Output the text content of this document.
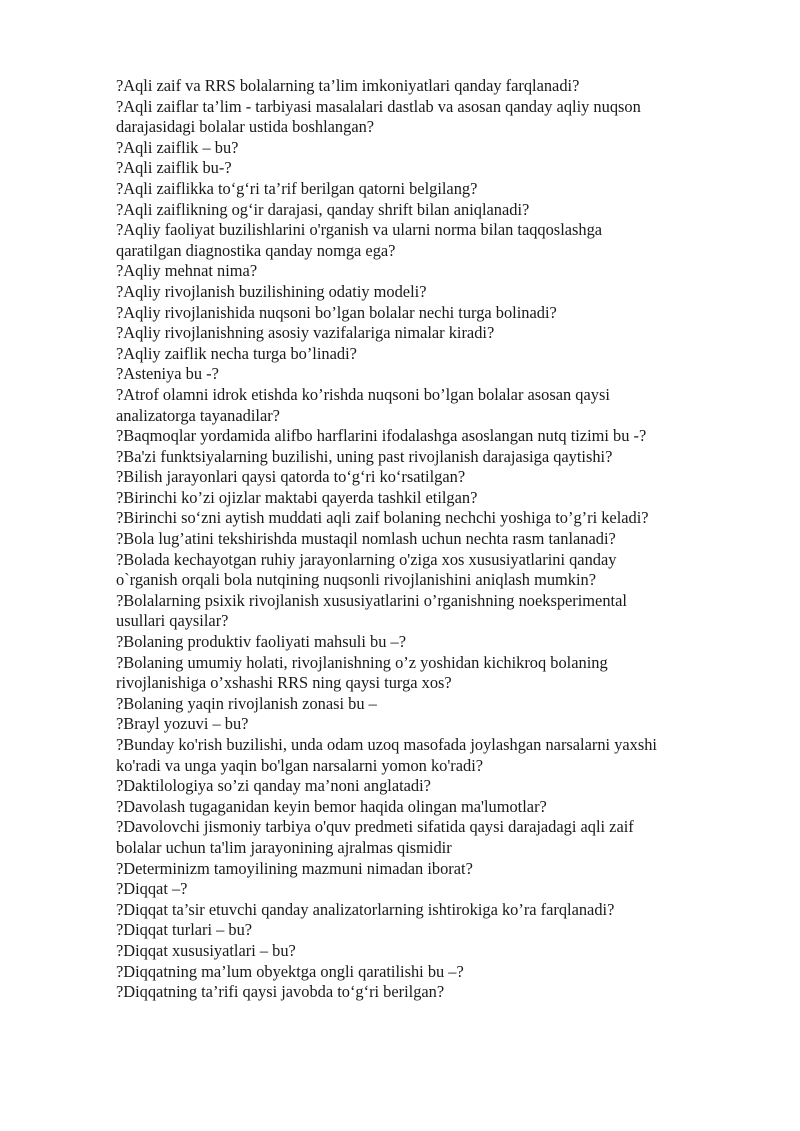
?Aqli zaif va RRS bolalarning ta’lim imkoniyatlari qanday farqlanadi?
?Aqli zaiflar ta’lim - tarbiyasi masalalari dastlab va asosan qanday aqliy nuqson
darajasidagi bolalar ustida boshlangan?
?Aqli zaiflik – bu?
?Aqli zaiflik bu-?
?Aqli zaiflikka to‘g‘ri ta’rif berilgan qatorni belgilang?
?Aqli zaiflikning og‘ir darajasi, qanday shrift bilan aniqlanadi?
?Aqliy faoliyat buzilishlarini o'rganish va ularni norma bilan taqqoslashga
qaratilgan diagnostika qanday nomga ega?
?Aqliy mehnat nima?
?Aqliy rivojlanish buzilishining odatiy modeli?
?Aqliy rivojlanishida nuqsoni bo’lgan bolalar nechi turga bolinadi?
?Aqliy rivojlanishning asosiy vazifalariga nimalar kiradi?
?Aqliy zaiflik necha turga bo’linadi?
?Asteniya bu -?
?Atrof olamni idrok etishda ko’rishda nuqsoni bo’lgan bolalar asosan qaysi
analizatorga tayanadilar?
?Baqmoqlar yordamida alifbo harflarini ifodalashga asoslangan nutq tizimi bu -?
?Ba'zi funktsiyalarning buzilishi, uning past rivojlanish darajasiga qaytishi?
?Bilish jarayonlari qaysi qatorda to‘g‘ri ko‘rsatilgan?
?Birinchi ko’zi ojizlar maktabi qayerda tashkil etilgan?
?Birinchi so‘zni aytish muddati aqli zaif bolaning nechchi yoshiga to’g’ri keladi?
?Bola lug’atini tekshirishda mustaqil nomlash uchun nechta rasm tanlanadi?
?Bolada kechayotgan ruhiy jarayonlarning o'ziga xos xususiyatlarini qanday
o`rganish orqali bola nutqining nuqsonli rivojlanishini aniqlash mumkin?
?Bolalarning psixik rivojlanish xususiyatlarini o’rganishning noeksperimental
usullari qaysilar?
?Bolaning produktiv faoliyati mahsuli bu –?
?Bolaning umumiy holati, rivojlanishning o’z yoshidan kichikroq bolaning
rivojlanishiga o’xshashi RRS ning qaysi turga xos?
?Bolaning yaqin rivojlanish zonasi bu –
?Brayl yozuvi – bu?
?Bunday ko'rish buzilishi, unda odam uzoq masofada joylashgan narsalarni yaxshi
ko'radi va unga yaqin bo'lgan narsalarni yomon ko'radi?
?Daktilologiya so’zi qanday ma’noni anglatadi?
?Davolash tugaganidan keyin bemor haqida olingan ma'lumotlar?
?Davolovchi jismoniy tarbiya o'quv predmeti sifatida qaysi darajadagi aqli zaif
bolalar uchun ta'lim jarayonining ajralmas qismidir
?Determinizm tamoyilining mazmuni nimadan iborat?
?Diqqat –?
?Diqqat ta’sir etuvchi qanday analizatorlarning ishtirokiga ko’ra farqlanadi?
?Diqqat turlari – bu?
?Diqqat xususiyatlari – bu?
?Diqqatning ma’lum obyektga ongli qaratilishi bu –?
?Diqqatning ta’rifi qaysi javobda to‘g‘ri berilgan?
